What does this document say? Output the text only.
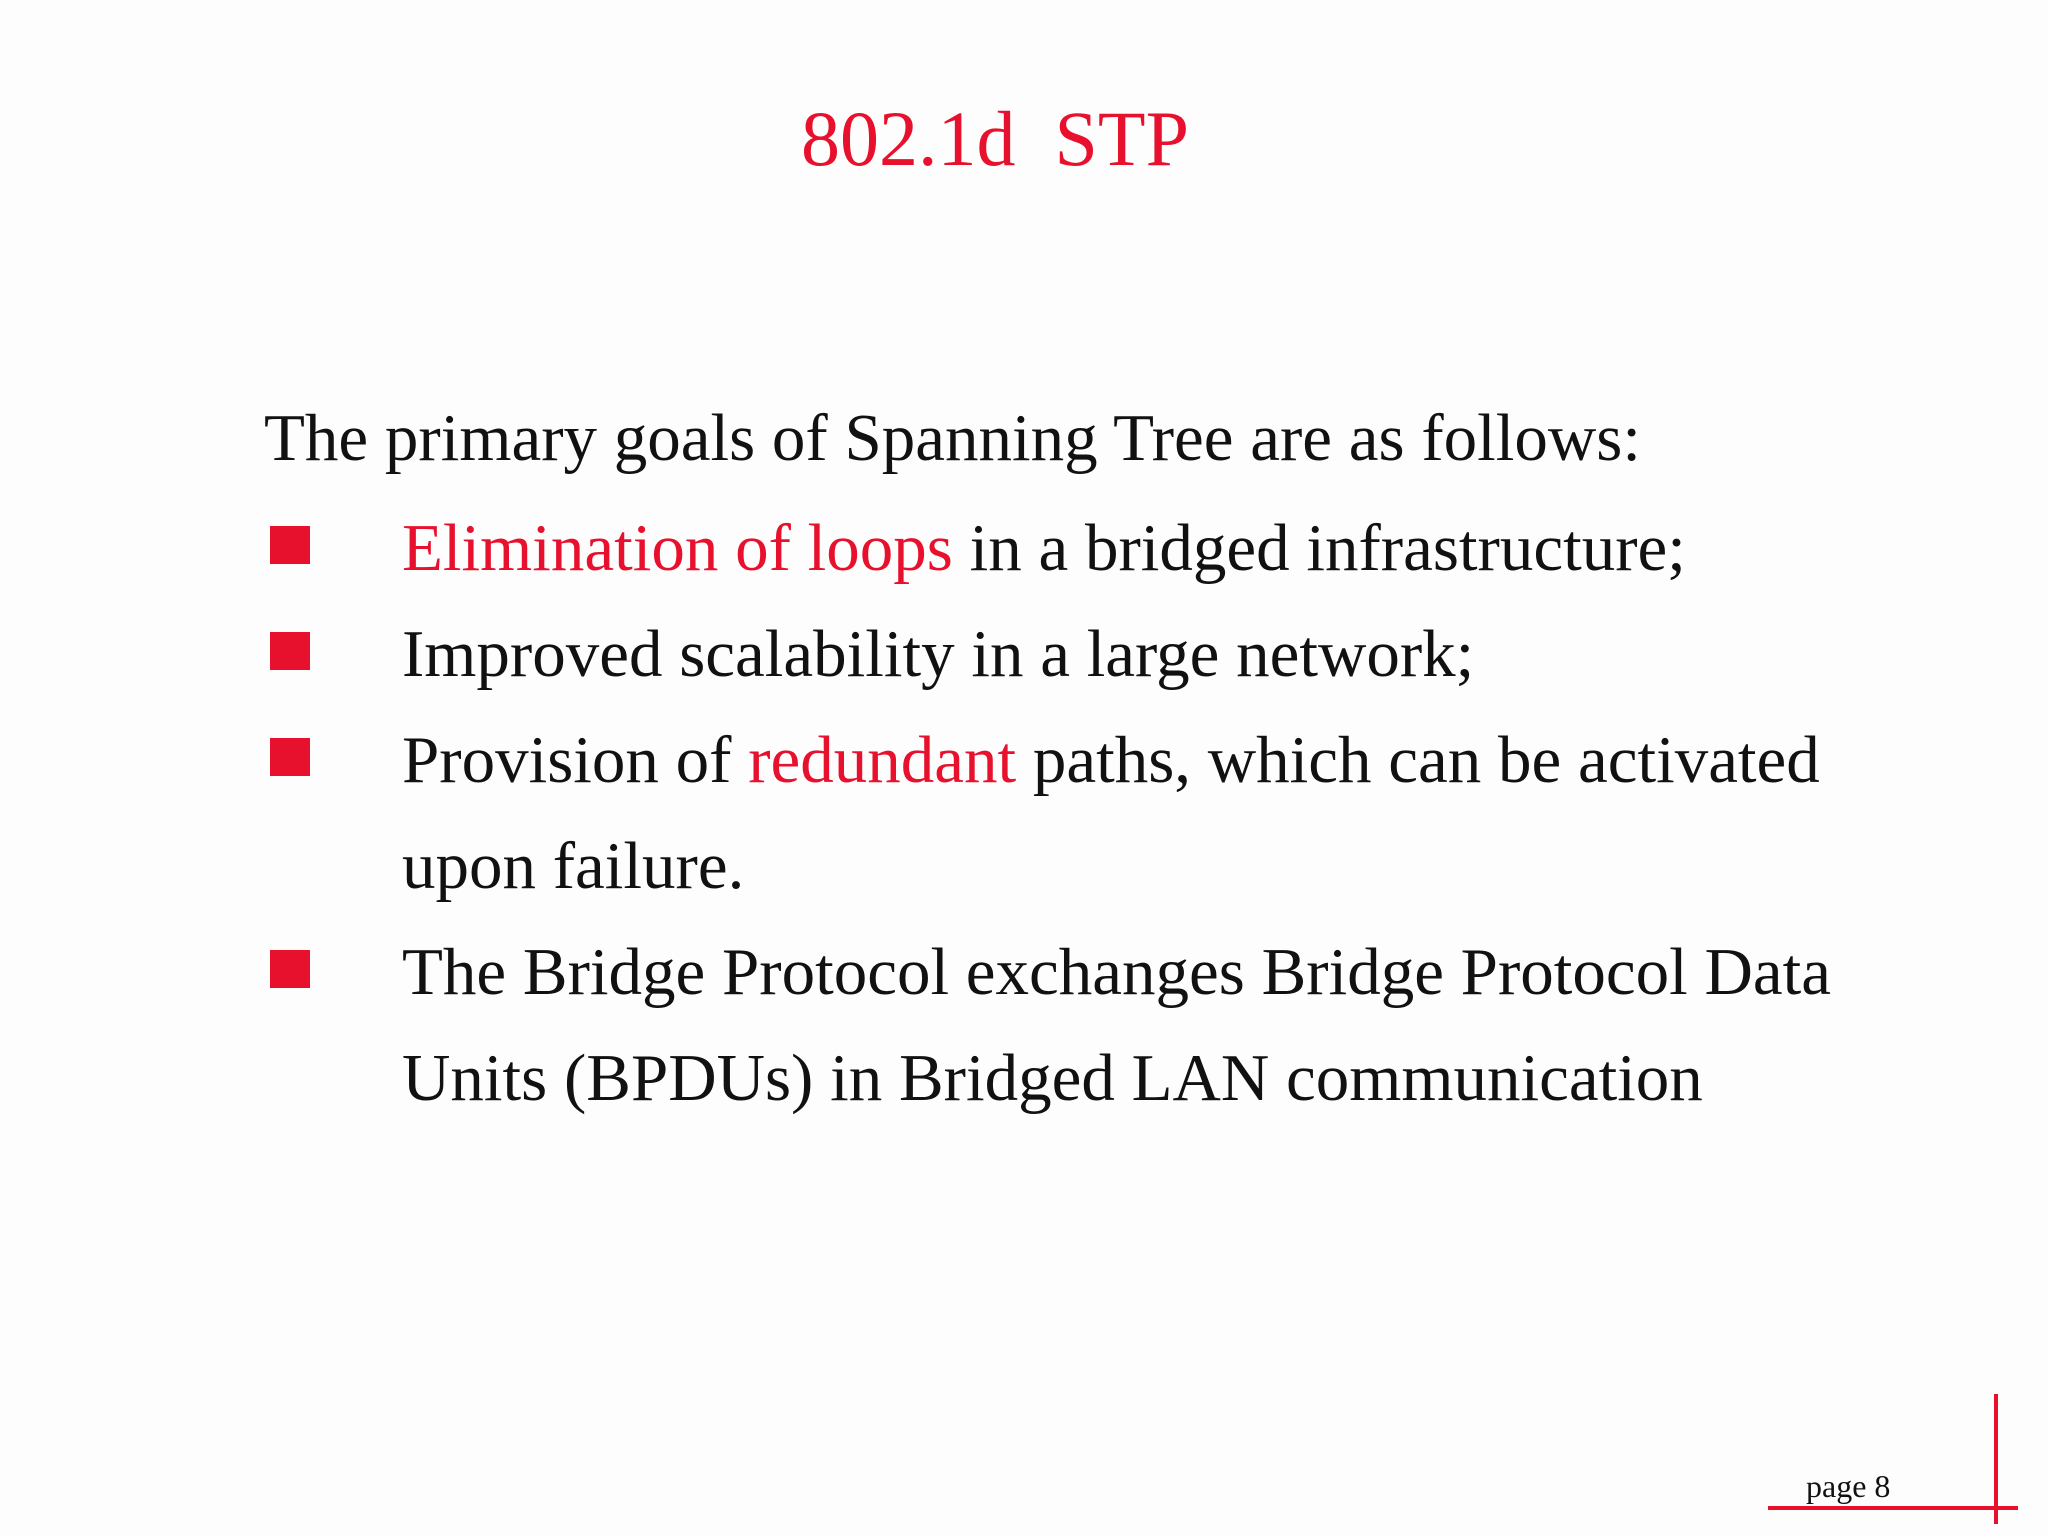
802.1d  STP
The primary goals of Spanning Tree are as follows:
Elimination of loops in a bridged infrastructure;
Improved scalability in a large network;
Provision of redundant paths, which can be activated
upon failure.
The Bridge Protocol exchanges Bridge Protocol Data
Units (BPDUs) in Bridged LAN communication
page 8
